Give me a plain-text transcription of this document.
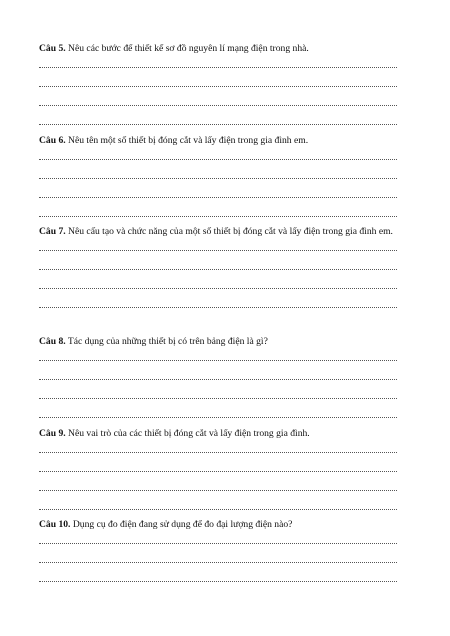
Câu 5. Nêu các bước để thiết kế sơ đồ nguyên lí mạng điện trong nhà.

Câu 6. Nêu tên một số thiết bị đóng cắt và lấy điện trong gia đình em.

Câu 7. Nêu cấu tạo và chức năng của một số thiết bị đóng cắt và lấy điện trong gia đình em.

Câu 8. Tác dụng của những thiết bị có trên bảng điện là gì?

Câu 9. Nêu vai trò của các thiết bị đóng cắt và lấy điện trong gia đình.

Câu 10. Dụng cụ đo điện đang sử dụng để đo đại lượng điện nào?
